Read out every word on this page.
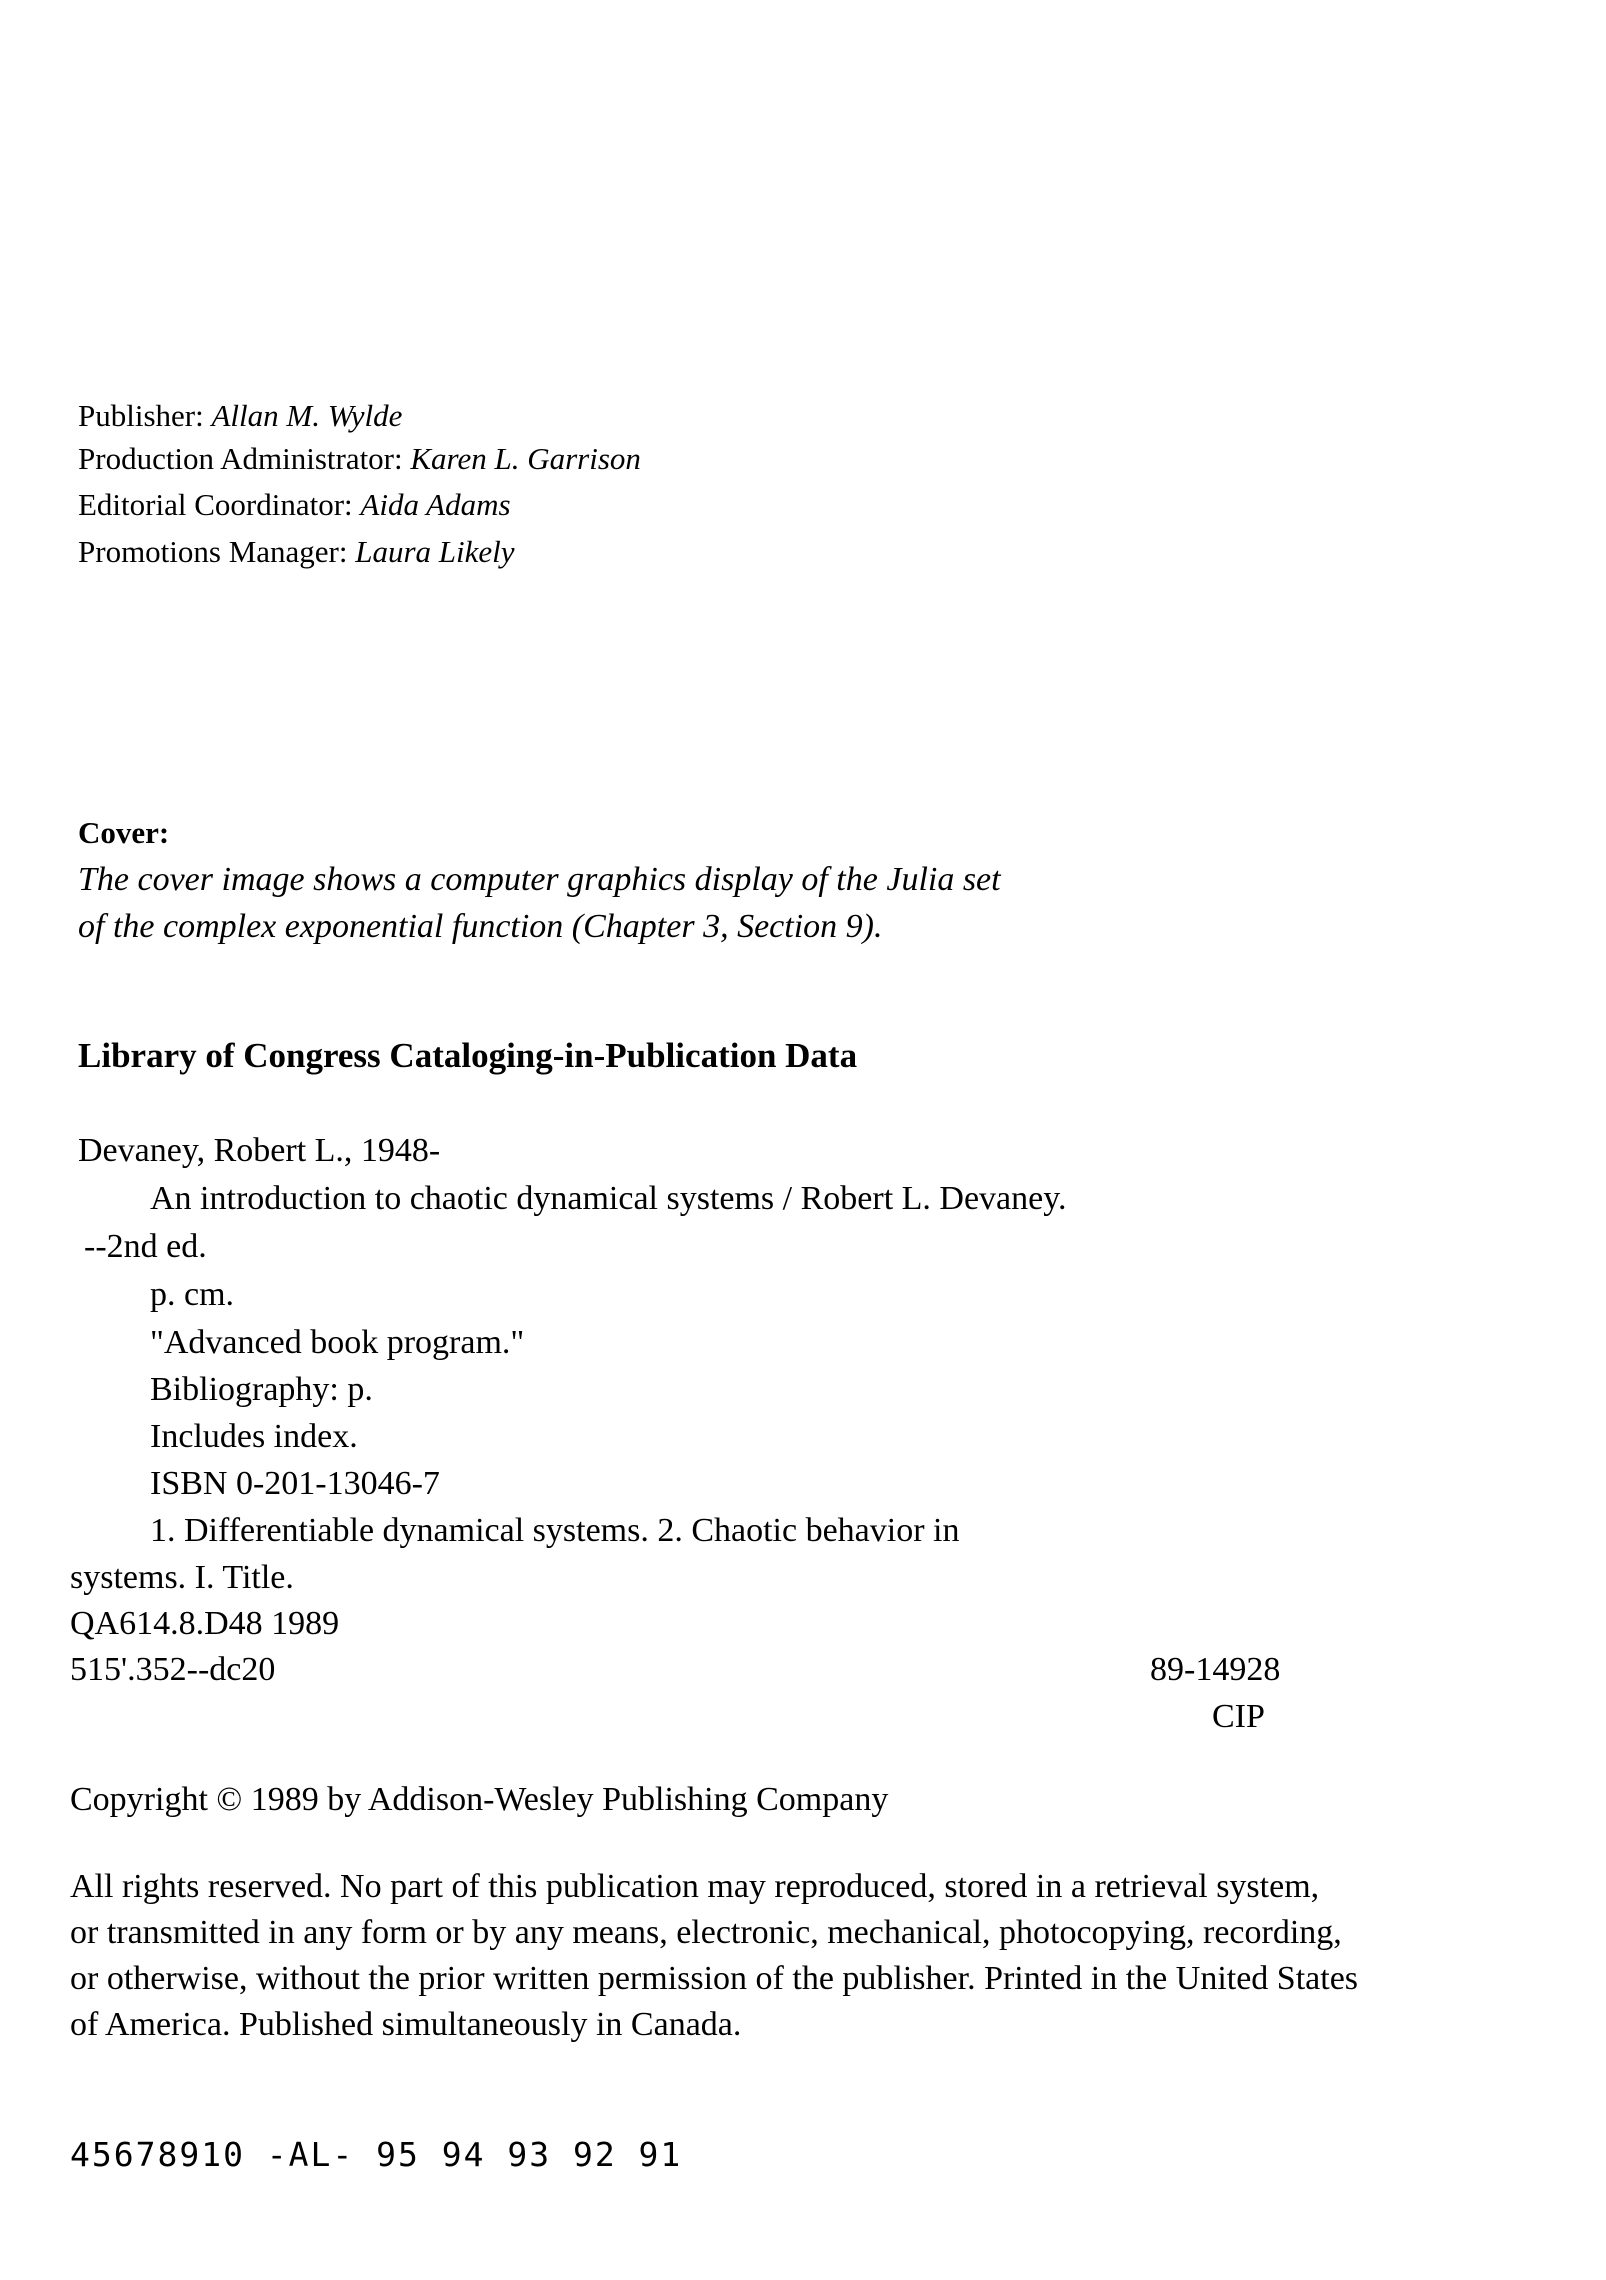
Publisher: Allan M. Wylde
Production Administrator: Karen L. Garrison
Editorial Coordinator: Aida Adams
Promotions Manager: Laura Likely
Cover:
The cover image shows a computer graphics display of the Julia set
of the complex exponential function (Chapter 3, Section 9).
Library of Congress Cataloging-in-Publication Data
Devaney, Robert L., 1948-
An introduction to chaotic dynamical systems / Robert L. Devaney.
--2nd ed.
p. cm.
"Advanced book program."
Bibliography: p.
Includes index.
ISBN 0-201-13046-7
1. Differentiable dynamical systems. 2. Chaotic behavior in
systems. I. Title.
QA614.8.D48 1989
515'.352--dc20	89-14928
CIP
Copyright © 1989 by Addison-Wesley Publishing Company
All rights reserved. No part of this publication may reproduced, stored in a retrieval system,
or transmitted in any form or by any means, electronic, mechanical, photocopying, recording,
or otherwise, without the prior written permission of the publisher. Printed in the United States
of America. Published simultaneously in Canada.
45678910 -AL- 95 94 93 92 91
